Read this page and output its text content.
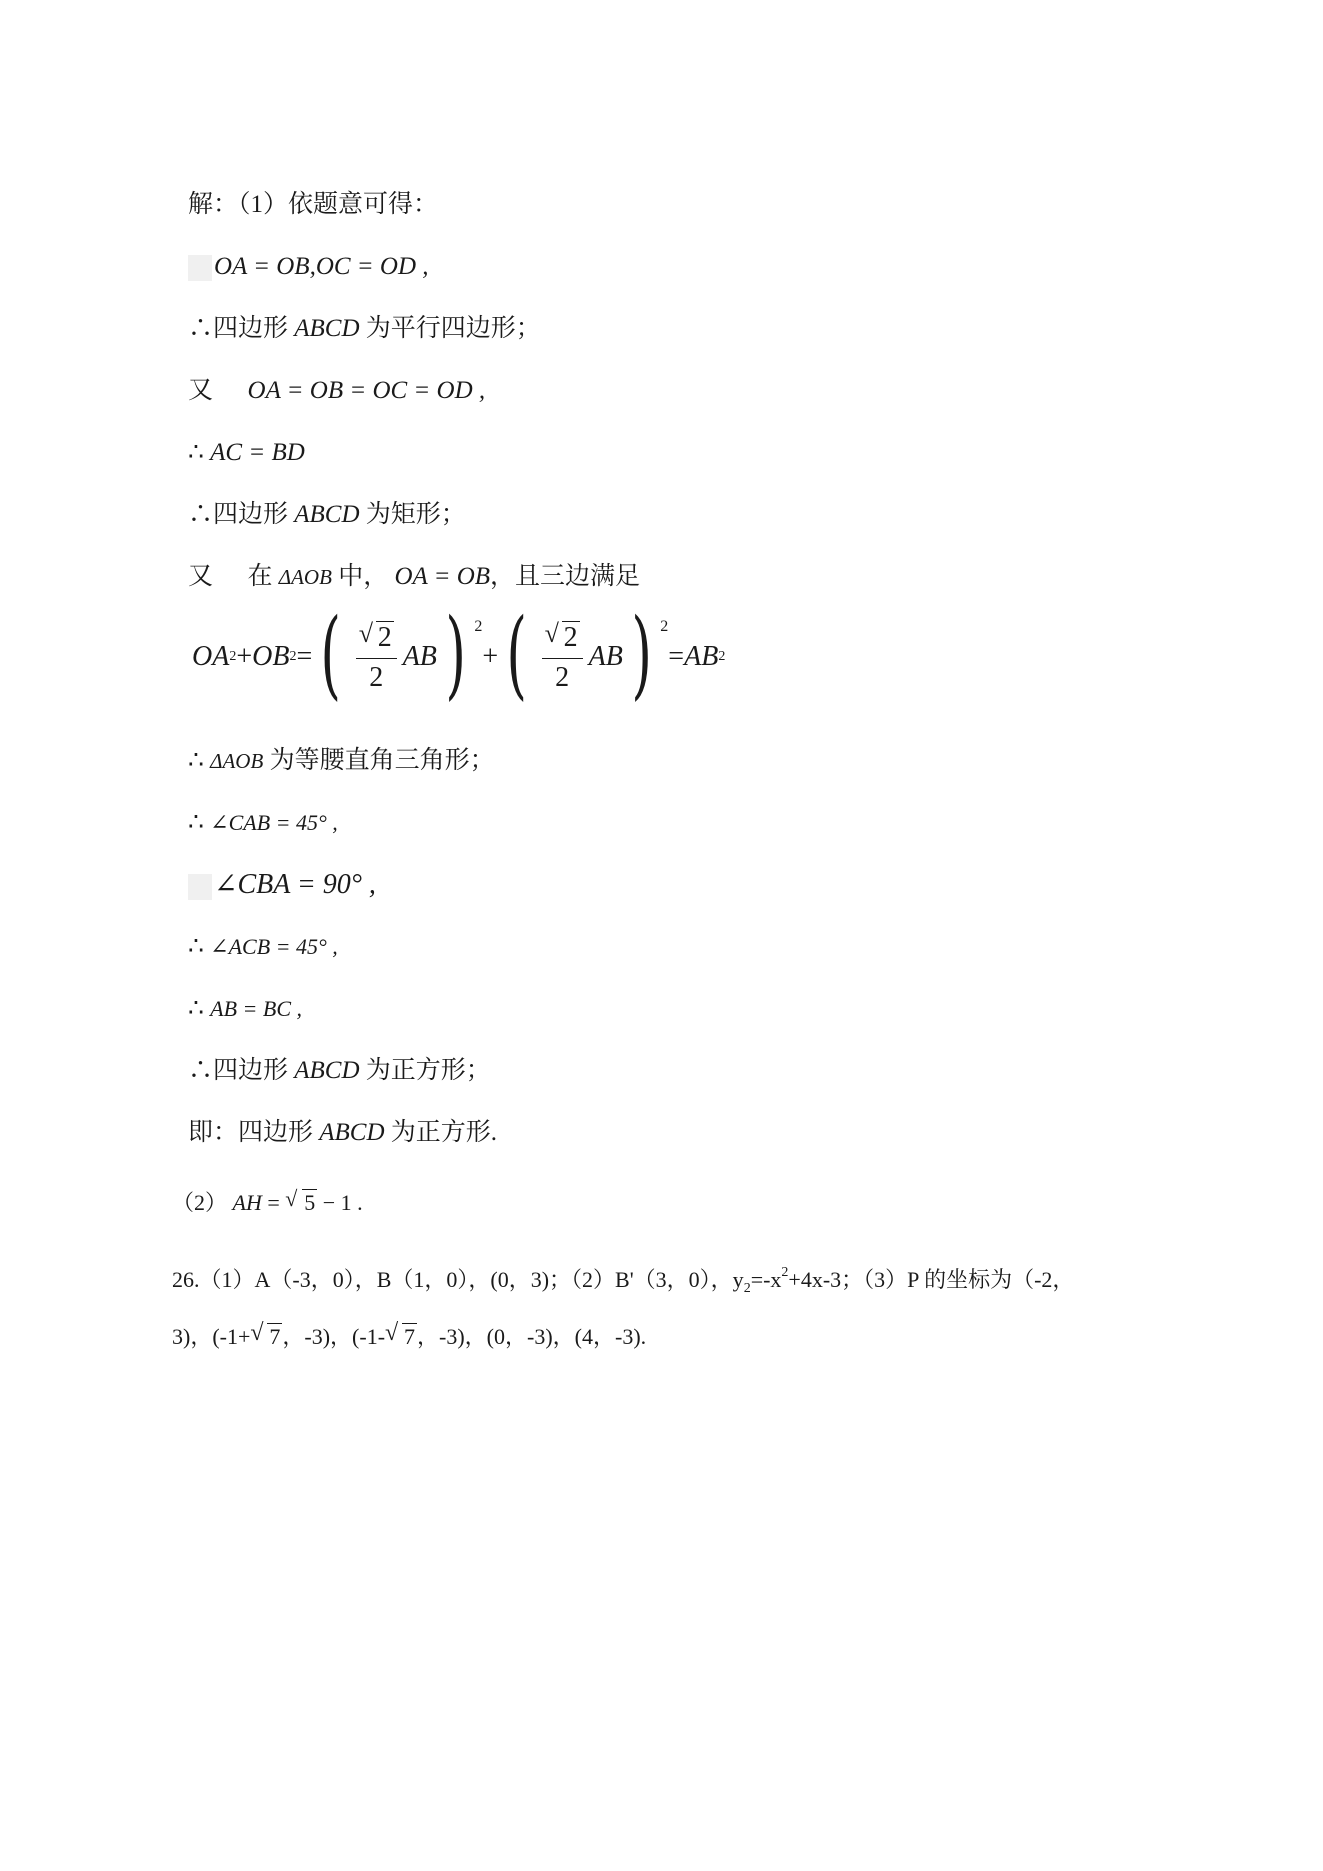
解：（1）依题意可得：
OA = OB,OC = OD ,
∴四边形 ABCD 为平行四边形；
又 OA = OB = OC = OD ,
∴ AC = BD
∴四边形 ABCD 为矩形；
又 在 ΔAOB 中， OA = OB，且三边满足
OA 2 + OB 2 = ( $\frac{√ 2}{2}$ AB ) 2
+ ( $\frac{√ 2}{2}$ AB ) 2
= AB 2
∴ ΔAOB 为等腰直角三角形；
∴ ∠CAB = 45° ,
∠CBA = 90° ,
∴ ∠ACB = 45° ,
∴ AB = BC ,
∴四边形 ABCD 为正方形；
即：四边形 ABCD 为正方形.
（2） AH = √ 5 − 1 .
26.（1）A（-3，0），B（1，0），(0，3)；（2）B'（3，0），$y_2=-x^2+4x-3$；（3）P 的坐标为（-2，
3)，(-1+ √ 7，-3)，(-1- √ 7，-3)，(0，-3)，(4，-3).
